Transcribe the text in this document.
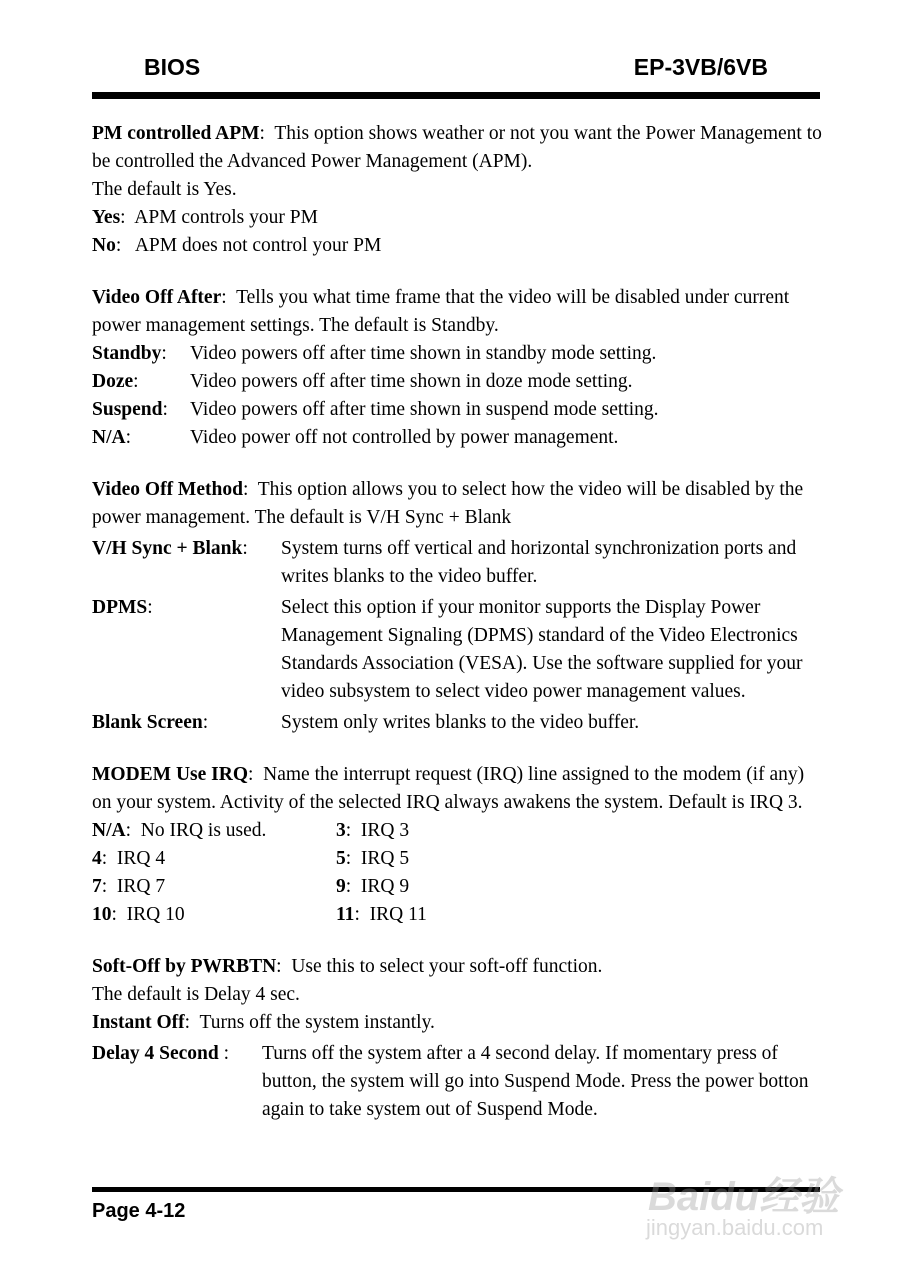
BIOS	EP-3VB/6VB

PM controlled APM:  This option shows weather or not you want the Power Management to be controlled the Advanced Power Management (APM).

The default is Yes.

Yes:  APM controls your PM

No:   APM does not control your PM

Video Off After:  Tells you what time frame that the video will be disabled under current power management settings. The default is Standby.

Standby:	Video powers off after time shown in standby mode setting.
Doze:	Video powers off after time shown in doze mode setting.
Suspend:	Video powers off after time shown in suspend mode setting.
N/A:	Video power off not controlled by power management.

Video Off Method:  This option allows you to select how the video will be disabled by the power management. The default is V/H Sync + Blank

V/H Sync + Blank:	System turns off vertical and horizontal synchronization ports and writes blanks to the video buffer.
DPMS:	Select this option if your monitor supports the Display Power Management Signaling (DPMS) standard of the Video Electronics Standards Association (VESA). Use the software supplied for your video subsystem to select video power management values.
Blank Screen:	System only writes blanks to the video buffer.

MODEM Use IRQ:  Name the interrupt request (IRQ) line assigned to the modem (if any) on your system. Activity of the selected IRQ always awakens the system. Default is IRQ 3.

N/A:  No IRQ is used.	3:  IRQ 3
4:  IRQ 4	5:  IRQ 5
7:  IRQ 7	9:  IRQ 9
10:  IRQ 10	11:  IRQ 11

Soft-Off by PWRBTN:  Use this to select your soft-off function.

The default is Delay 4 sec.

Instant Off:  Turns off the system instantly.

Delay 4 Second :	Turns off the system after a 4 second delay. If momentary press of button, the system will go into Suspend Mode. Press the power botton again to take system out of Suspend Mode.
Page 4-12	Baidu经验
jingyan.baidu.com
